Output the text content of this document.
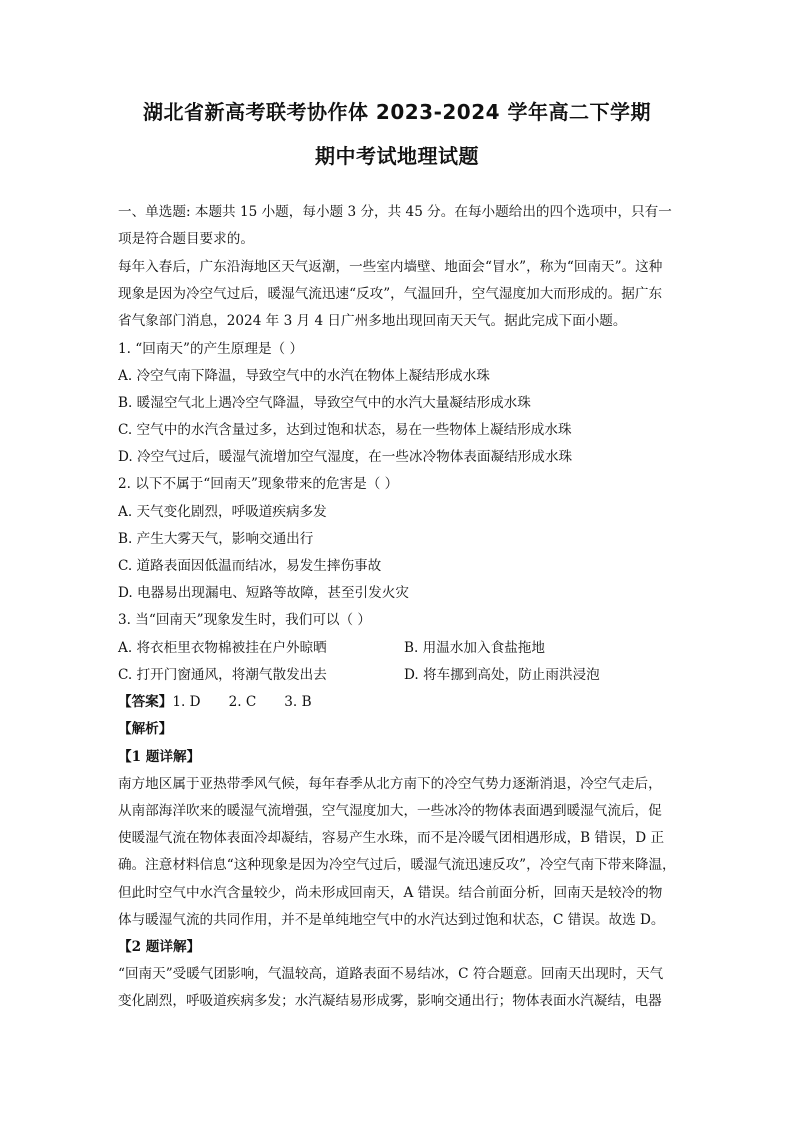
湖北省新高考联考协作体 2023-2024 学年高二下学期
期中考试地理试题
一、单选题: 本题共 15 小题，每小题 3 分，共 45 分。在每小题给出的四个选项中，只有一
项是符合题目要求的。
每年入春后，广东沿海地区天气返潮，一些室内墙壁、地面会“冒水”，称为“回南天”。这种
现象是因为冷空气过后，暖湿气流迅速“反攻”，气温回升，空气湿度加大而形成的。据广东
省气象部门消息，2024 年 3 月 4 日广州多地出现回南天天气。据此完成下面小题。
1. “回南天”的产生原理是（ ）
A. 冷空气南下降温，导致空气中的水汽在物体上凝结形成水珠
B. 暖湿空气北上遇冷空气降温，导致空气中的水汽大量凝结形成水珠
C. 空气中的水汽含量过多，达到过饱和状态，易在一些物体上凝结形成水珠
D. 冷空气过后，暖湿气流增加空气湿度，在一些冰冷物体表面凝结形成水珠
2. 以下不属于“回南天”现象带来的危害是（ ）
A. 天气变化剧烈，呼吸道疾病多发
B. 产生大雾天气，影响交通出行
C. 道路表面因低温而结冰，易发生摔伤事故
D. 电器易出现漏电、短路等故障，甚至引发火灾
3. 当“回南天”现象发生时，我们可以（ ）
A. 将衣柜里衣物棉被挂在户外晾晒	B. 用温水加入食盐拖地
C. 打开门窗通风，将潮气散发出去	D. 将车挪到高处，防止雨洪浸泡
【答案】1. D 2. C 3. B
【解析】
【1 题详解】
南方地区属于亚热带季风气候，每年春季从北方南下的冷空气势力逐渐消退，冷空气走后，
从南部海洋吹来的暖湿气流增强，空气湿度加大，一些冰冷的物体表面遇到暖湿气流后，促
使暖湿气流在物体表面冷却凝结，容易产生水珠，而不是冷暖气团相遇形成，B 错误，D 正
确。注意材料信息“这种现象是因为冷空气过后，暖湿气流迅速反攻”，冷空气南下带来降温，
但此时空气中水汽含量较少，尚未形成回南天，A 错误。结合前面分析，回南天是较冷的物
体与暖湿气流的共同作用，并不是单纯地空气中的水汽达到过饱和状态，C 错误。故选 D。
【2 题详解】
“回南天”受暖气团影响，气温较高，道路表面不易结冰，C 符合题意。回南天出现时，天气
变化剧烈，呼吸道疾病多发；水汽凝结易形成雾，影响交通出行；物体表面水汽凝结，电器
